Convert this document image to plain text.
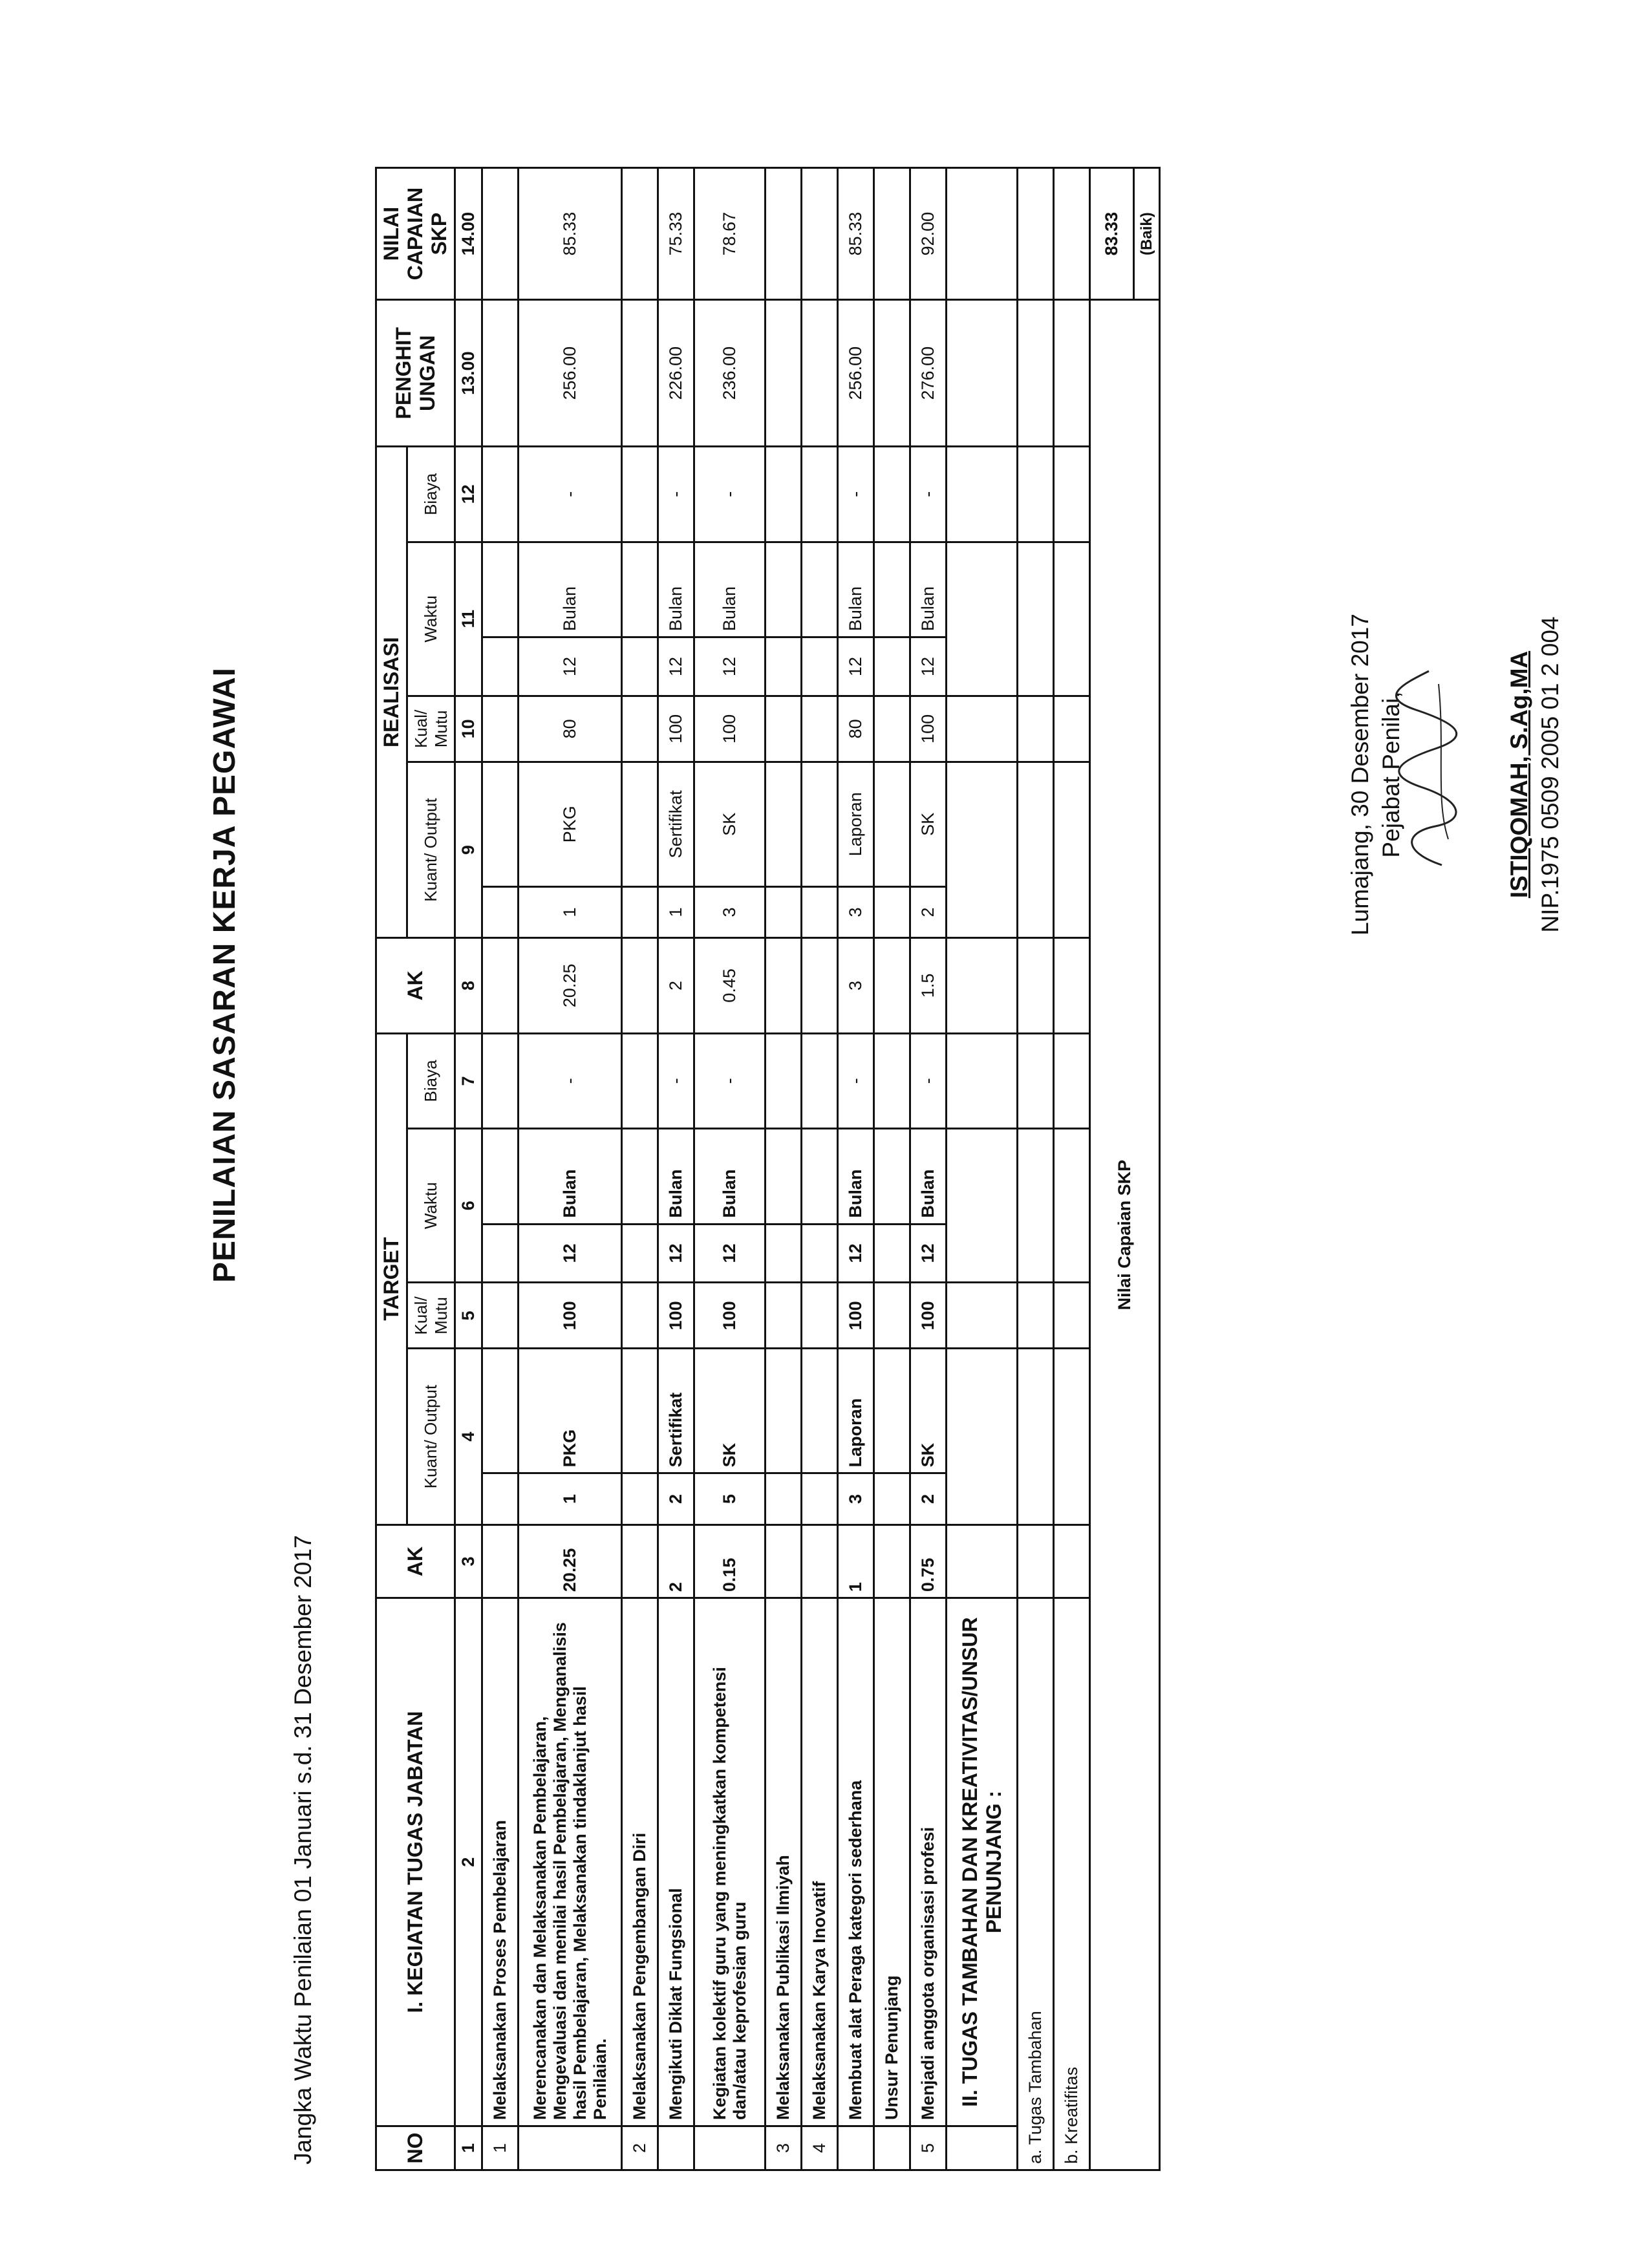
PENILAIAN SASARAN KERJA PEGAWAI
Jangka Waktu Penilaian 01 Januari s.d. 31 Desember 2017	NO	I. KEGIATAN TUGAS JABATAN	AK	TARGET						AK	REALISASI						PENGHIT UNGAN	NILAI CAPAIAN SKP
			Kuant/ Output		Kual/ Mutu	Waktu		Biaya		Kuant/ Output		Kual/ Mutu	Waktu		Biaya		
1	2	3	4		5	6		7	8	9		10	11		12	13.00	14.00
1	Melaksanakan Proses Pembelajaran																
	Merencanakan dan Melaksanakan Pembelajaran, Mengevaluasi dan menilai hasil Pembelajaran, Menganalisis hasil Pembelajaran, Melaksanakan tindaklanjut hasil Penilaian.	20.25	1	PKG	100	12	Bulan	-	20.25	1	PKG	80	12	Bulan	-	256.00	85.33
2	Melaksanakan Pengembangan Diri																
	Mengikuti Diklat Fungsional	2	2	Sertifikat	100	12	Bulan	-	2	1	Sertifikat	100	12	Bulan	-	226.00	75.33
	Kegiatan kolektif guru yang meningkatkan kompetensi dan/atau keprofesian guru	0.15	5	SK	100	12	Bulan	-	0.45	3	SK	100	12	Bulan	-	236.00	78.67
3	Melaksanakan Publikasi Ilmiyah																
4	Melaksanakan Karya Inovatif																
	Membuat alat Peraga kategori sederhana	1	3	Laporan	100	12	Bulan	-	3	3	Laporan	80	12	Bulan	-	256.00	85.33
	Unsur Penunjang																
5	Menjadi anggota organisasi profesi	0.75	2	SK	100	12	Bulan	-	1.5	2	SK	100	12	Bulan	-	276.00	92.00
	II. TUGAS TAMBAHAN DAN KREATIVITAS/UNSUR PENUNJANG :																
a. Tugas Tambahan																	
b. Kreatifitas																	
Nilai Capaian SKP																	83.33
																	(Baik)
Lumajang, 30 Desember 2017 Pejabat Penilai,	ISTIQOMAH, S.Ag,MA NIP.1975 0509 2005 01 2 004
